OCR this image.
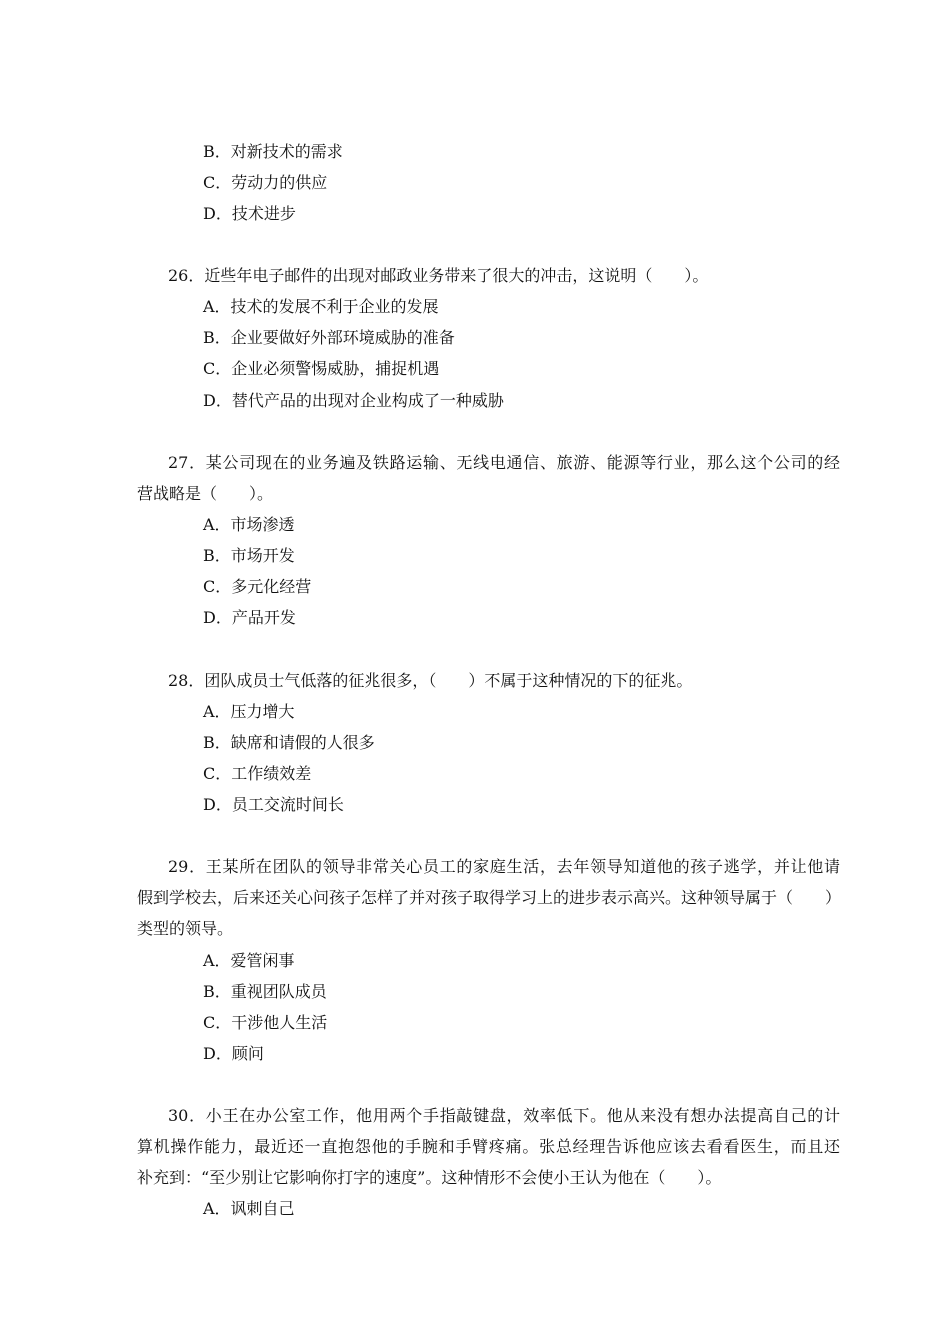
B．对新技术的需求
C．劳动力的供应
D．技术进步
26．近些年电子邮件的出现对邮政业务带来了很大的冲击，这说明（　　）。
A．技术的发展不利于企业的发展
B．企业要做好外部环境威胁的准备
C．企业必须警惕威胁，捕捉机遇
D．替代产品的出现对企业构成了一种威胁
27．某公司现在的业务遍及铁路运输、无线电通信、旅游、能源等行业，那么这个公司的经
营战略是（　　）。
A．市场渗透
B．市场开发
C．多元化经营
D．产品开发
28．团队成员士气低落的征兆很多，（　　）不属于这种情况的下的征兆。
A．压力增大
B．缺席和请假的人很多
C．工作绩效差
D．员工交流时间长
29．王某所在团队的领导非常关心员工的家庭生活，去年领导知道他的孩子逃学，并让他请
假到学校去，后来还关心问孩子怎样了并对孩子取得学习上的进步表示高兴。这种领导属于（　　）
类型的领导。
A．爱管闲事
B．重视团队成员
C．干涉他人生活
D．顾问
30．小王在办公室工作，他用两个手指敲键盘，效率低下。他从来没有想办法提高自己的计
算机操作能力，最近还一直抱怨他的手腕和手臂疼痛。张总经理告诉他应该去看看医生，而且还
补充到：“至少别让它影响你打字的速度”。这种情形不会使小王认为他在（　　）。
A．讽刺自己
